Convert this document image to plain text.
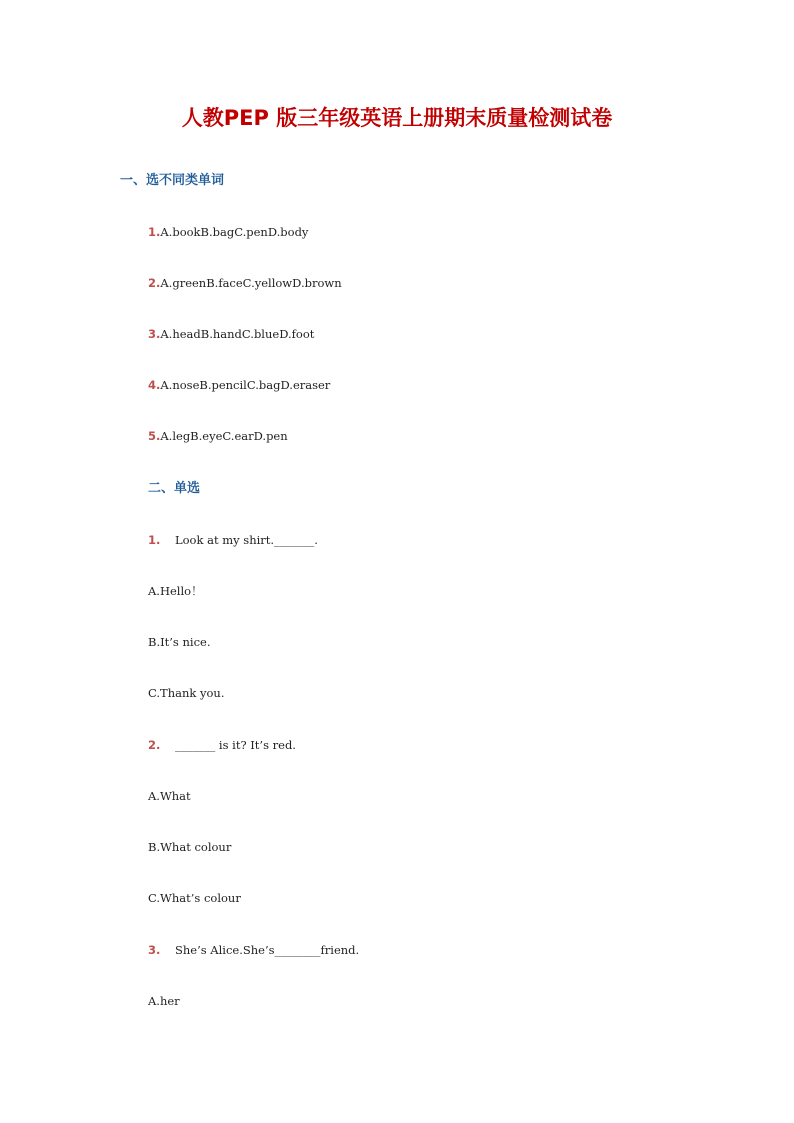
人教PEP 版三年级英语上册期末质量检测试卷
一、选不同类单词
1.A.bookB.bagC.penD.body
2.A.greenB.faceC.yellowD.brown
3.A.headB.handC.blueD.foot
4.A.noseB.pencilC.bagD.eraser
5.A.legB.eyeC.earD.pen
二、单选
1. Look at my shirt._______.
A.Hello！
B.It’s nice.
C.Thank you.
2. _______ is it? It’s red.
A.What
B.What colour
C.What’s colour
3. She’s Alice.She’s________friend.
A.her
